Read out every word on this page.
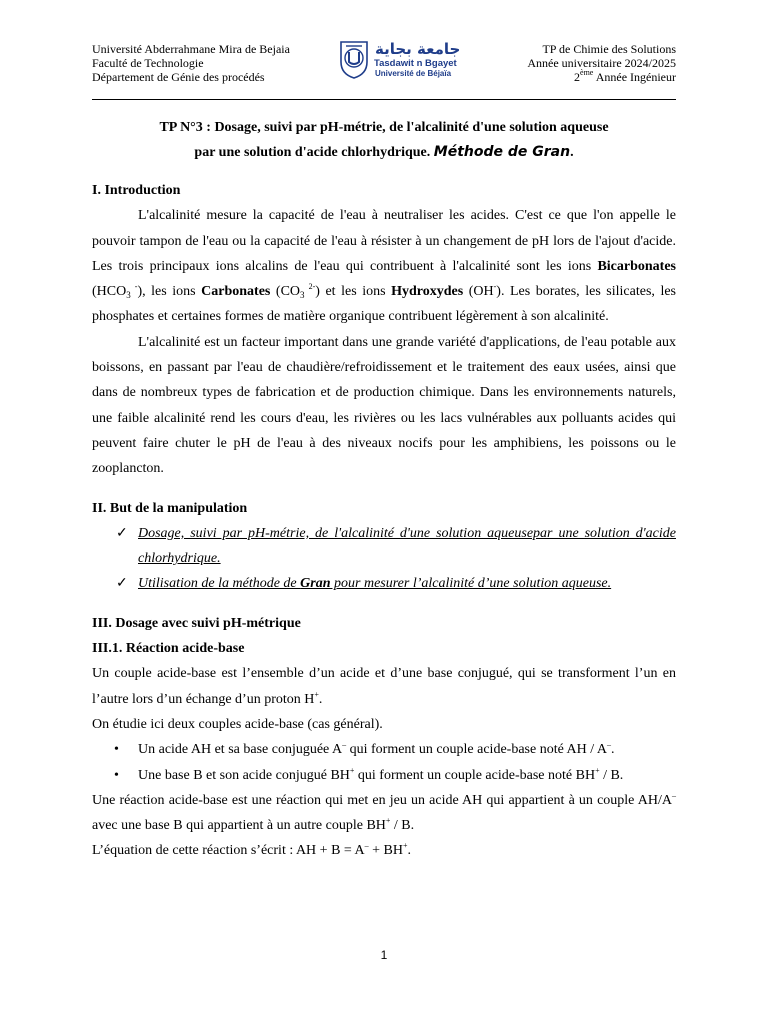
Université Abderrahmane Mira de Bejaia
Faculté de Technologie
Département de Génie des procédés
جامعة بجاية
Tasdawit n Bgayet
Université de Béjaïa
TP de Chimie des Solutions
Année universitaire 2024/2025
2ème Année Ingénieur
TP N°3 : Dosage, suivi par pH-métrie, de l'alcalinité d'une solution aqueuse
par une solution d'acide chlorhydrique. Méthode de Gran.
I. Introduction

L'alcalinité mesure la capacité de l'eau à neutraliser les acides. C'est ce que l'on appelle le pouvoir tampon de l'eau ou la capacité de l'eau à résister à un changement de pH lors de l'ajout d'acide. Les trois principaux ions alcalins de l'eau qui contribuent à l'alcalinité sont les ions Bicarbonates ($HCO_3$ -), les ions Carbonates ($CO_3$ $^{2-}$) et les ions Hydroxydes (OH-). Les borates, les silicates, les phosphates et certaines formes de matière organique contribuent légèrement à son alcalinité.

L'alcalinité est un facteur important dans une grande variété d'applications, de l'eau potable aux boissons, en passant par l'eau de chaudière/refroidissement et le traitement des eaux usées, ainsi que dans de nombreux types de fabrication et de production chimique. Dans les environnements naturels, une faible alcalinité rend les cours d'eau, les rivières ou les lacs vulnérables aux polluants acides qui peuvent faire chuter le pH de l'eau à des niveaux nocifs pour les amphibiens, les poissons ou le zooplancton.

II. But de la manipulation
✓ Dosage, suivi par pH-métrie, de l'alcalinité d'une solution aqueusepar une solution d'acide chlorhydrique.
✓ Utilisation de la méthode de Gran pour mesurer l’alcalinité d’une solution aqueuse.
III. Dosage avec suivi pH-métrique
III.1. Réaction acide-base

Un couple acide-base est l’ensemble d’un acide et d’une base conjugué, qui se transforment l’un en l’autre lors d’un échange d’un proton H+.

On étudie ici deux couples acide-base (cas général).

• Un acide AH et sa base conjuguée A– qui forment un couple acide-base noté AH / A–.
• Une base B et son acide conjugué BH+ qui forment un couple acide-base noté BH+ / B.

Une réaction acide-base est une réaction qui met en jeu un acide AH qui appartient à un couple AH/A– avec une base B qui appartient à un autre couple BH+ / B.

L’équation de cette réaction s’écrit : AH + B = A– + BH+.

1
